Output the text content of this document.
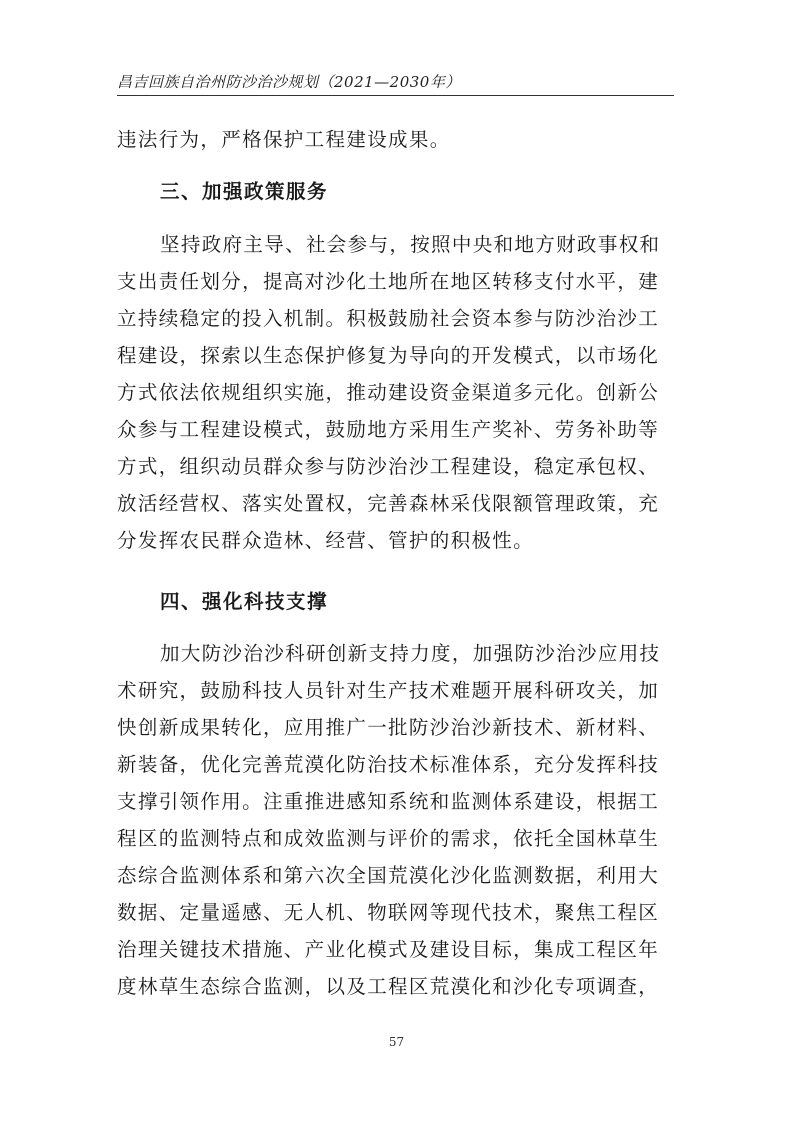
昌吉回族自治州防沙治沙规划（2021—2030年）
违法行为，严格保护工程建设成果。
三、加强政策服务
坚持政府主导、社会参与，按照中央和地方财政事权和
支出责任划分，提高对沙化土地所在地区转移支付水平，建
立持续稳定的投入机制。积极鼓励社会资本参与防沙治沙工
程建设，探索以生态保护修复为导向的开发模式，以市场化
方式依法依规组织实施，推动建设资金渠道多元化。创新公
众参与工程建设模式，鼓励地方采用生产奖补、劳务补助等
方式，组织动员群众参与防沙治沙工程建设，稳定承包权、
放活经营权、落实处置权，完善森林采伐限额管理政策，充
分发挥农民群众造林、经营、管护的积极性。
四、强化科技支撑
加大防沙治沙科研创新支持力度，加强防沙治沙应用技
术研究，鼓励科技人员针对生产技术难题开展科研攻关，加
快创新成果转化，应用推广一批防沙治沙新技术、新材料、
新装备，优化完善荒漠化防治技术标准体系，充分发挥科技
支撑引领作用。注重推进感知系统和监测体系建设，根据工
程区的监测特点和成效监测与评价的需求，依托全国林草生
态综合监测体系和第六次全国荒漠化沙化监测数据，利用大
数据、定量遥感、无人机、物联网等现代技术，聚焦工程区
治理关键技术措施、产业化模式及建设目标，集成工程区年
度林草生态综合监测，以及工程区荒漠化和沙化专项调查，
57
